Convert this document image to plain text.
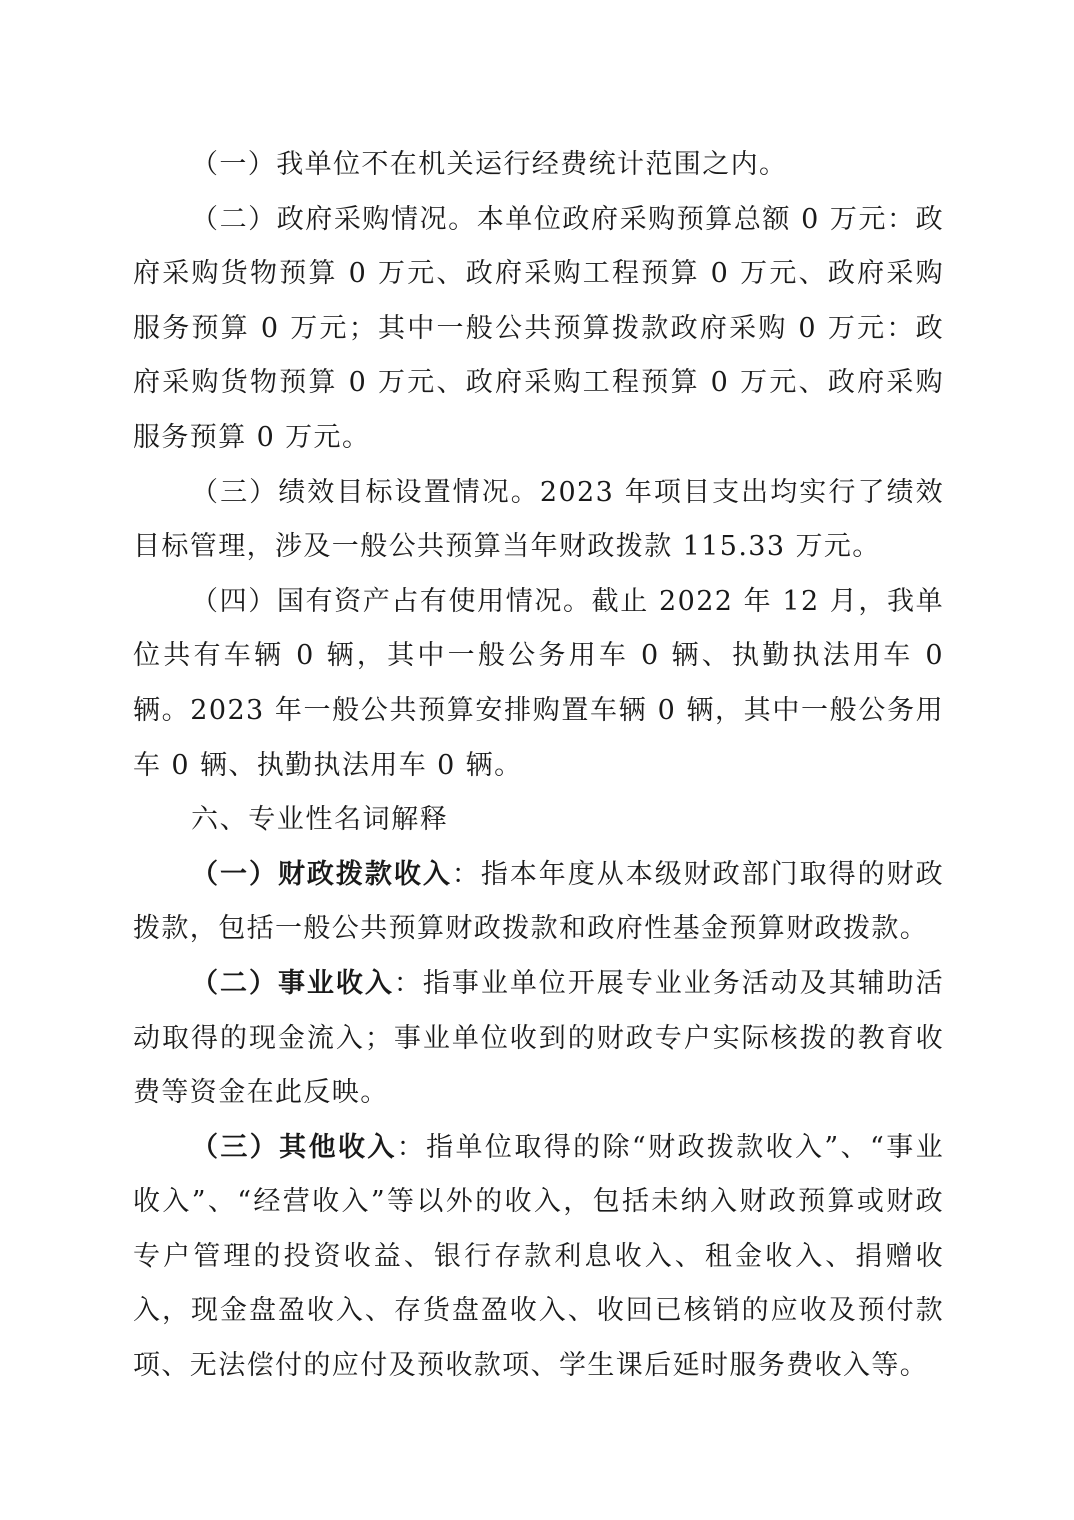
（一）我单位不在机关运行经费统计范围之内。

（二）政府采购情况。本单位政府采购预算总额 0 万元：政府采购货物预算 0 万元、政府采购工程预算 0 万元、政府采购服务预算 0 万元；其中一般公共预算拨款政府采购 0 万元：政府采购货物预算 0 万元、政府采购工程预算 0 万元、政府采购服务预算 0 万元。

（三）绩效目标设置情况。2023 年项目支出均实行了绩效目标管理，涉及一般公共预算当年财政拨款 115.33 万元。

（四）国有资产占有使用情况。截止 2022 年 12 月，我单位共有车辆 0 辆，其中一般公务用车 0 辆、执勤执法用车 0 辆。2023 年一般公共预算安排购置车辆 0 辆，其中一般公务用车 0 辆、执勤执法用车 0 辆。

六、专业性名词解释

（一）财政拨款收入：指本年度从本级财政部门取得的财政拨款，包括一般公共预算财政拨款和政府性基金预算财政拨款。

（二）事业收入：指事业单位开展专业业务活动及其辅助活动取得的现金流入；事业单位收到的财政专户实际核拨的教育收费等资金在此反映。

（三）其他收入：指单位取得的除“财政拨款收入”、“事业收入”、“经营收入”等以外的收入，包括未纳入财政预算或财政专户管理的投资收益、银行存款利息收入、租金收入、捐赠收入，现金盘盈收入、存货盘盈收入、收回已核销的应收及预付款项、无法偿付的应付及预收款项、学生课后延时服务费收入等。
